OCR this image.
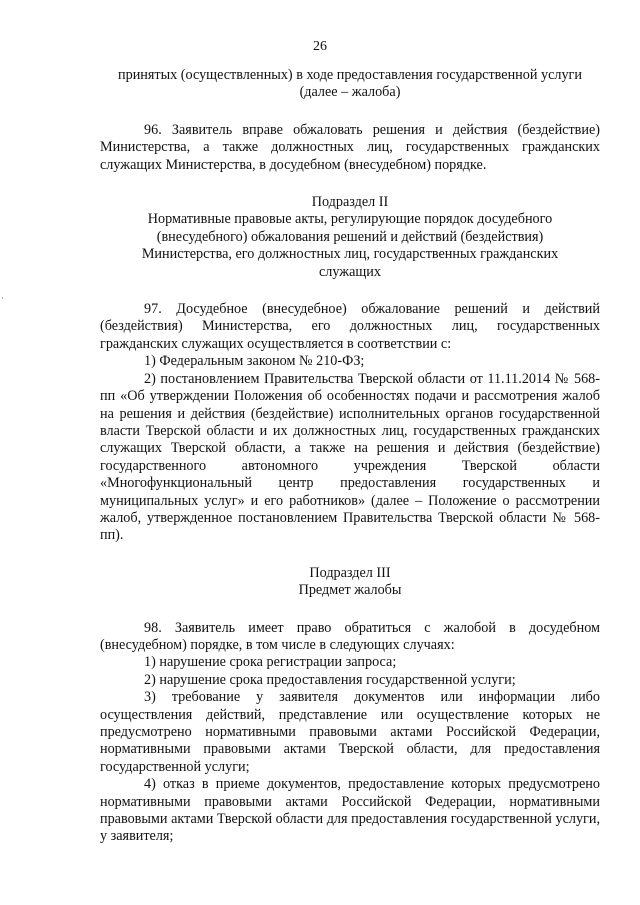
26

принятых (осуществленных) в ходе предоставления государственной услуги

(далее – жалоба)

96. Заявитель вправе обжаловать решения и действия (бездействие) Министерства, а также должностных лиц, государственных гражданских служащих Министерства, в досудебном (внесудебном) порядке.

Подраздел II

Нормативные правовые акты, регулирующие порядок досудебного

(внесудебного) обжалования решений и действий (бездействия)

Министерства, его должностных лиц, государственных гражданских

служащих

97. Досудебное (внесудебное) обжалование решений и действий (бездействия) Министерства, его должностных лиц, государственных гражданских служащих осуществляется в соответствии с:

1) Федеральным законом № 210-ФЗ;

2) постановлением Правительства Тверской области от 11.11.2014 № 568-пп «Об утверждении Положения об особенностях подачи и рассмотрения жалоб на решения и действия (бездействие) исполнительных органов государственной власти Тверской области и их должностных лиц, государственных гражданских служащих Тверской области, а также на решения и действия (бездействие) государственного автономного учреждения Тверской области «Многофункциональный центр предоставления государственных и муниципальных услуг» и его работников» (далее – Положение о рассмотрении жалоб, утвержденное постановлением Правительства Тверской области № 568-пп).

Подраздел III

Предмет жалобы

98. Заявитель имеет право обратиться с жалобой в досудебном (внесудебном) порядке, в том числе в следующих случаях:

1) нарушение срока регистрации запроса;

2) нарушение срока предоставления государственной услуги;

3) требование у заявителя документов или информации либо осуществления действий, представление или осуществление которых не предусмотрено нормативными правовыми актами Российской Федерации, нормативными правовыми актами Тверской области, для предоставления государственной услуги;

4) отказ в приеме документов, предоставление которых предусмотрено нормативными правовыми актами Российской Федерации, нормативными правовыми актами Тверской области для предоставления государственной услуги, у заявителя;
